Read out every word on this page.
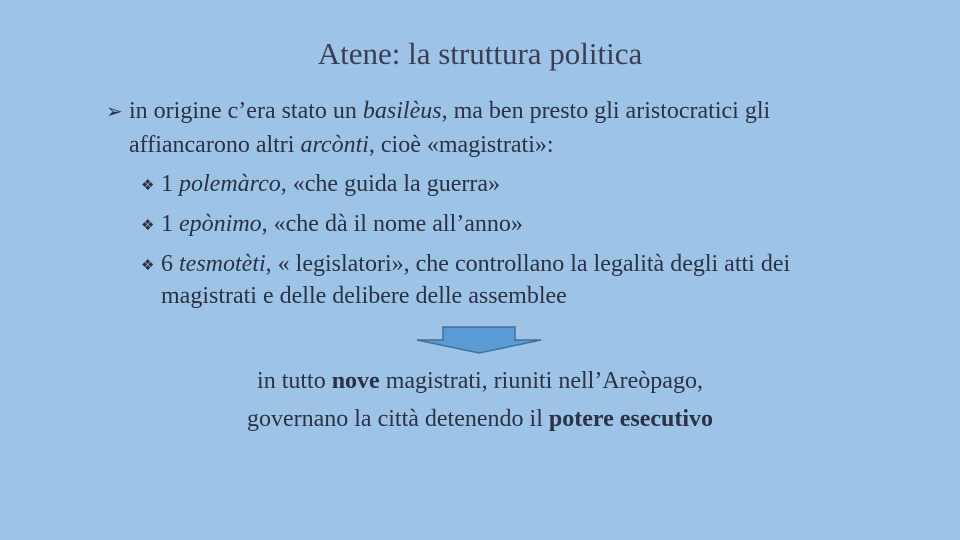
Atene: la struttura politica
➢ in origine c’era stato un basilèus, ma ben presto gli aristocratici gli affiancarono altri arcònti, cioè «magistrati»:
❖ 1 polemàrco, «che guida la guerra»
❖ 1 epònimo, «che dà il nome all’anno»
❖ 6 tesmotèti, « legislatori», che controllano la legalità degli atti dei magistrati e delle delibere delle assemblee
in tutto nove magistrati, riuniti nell’Areòpago,
governano la città detenendo il potere esecutivo
